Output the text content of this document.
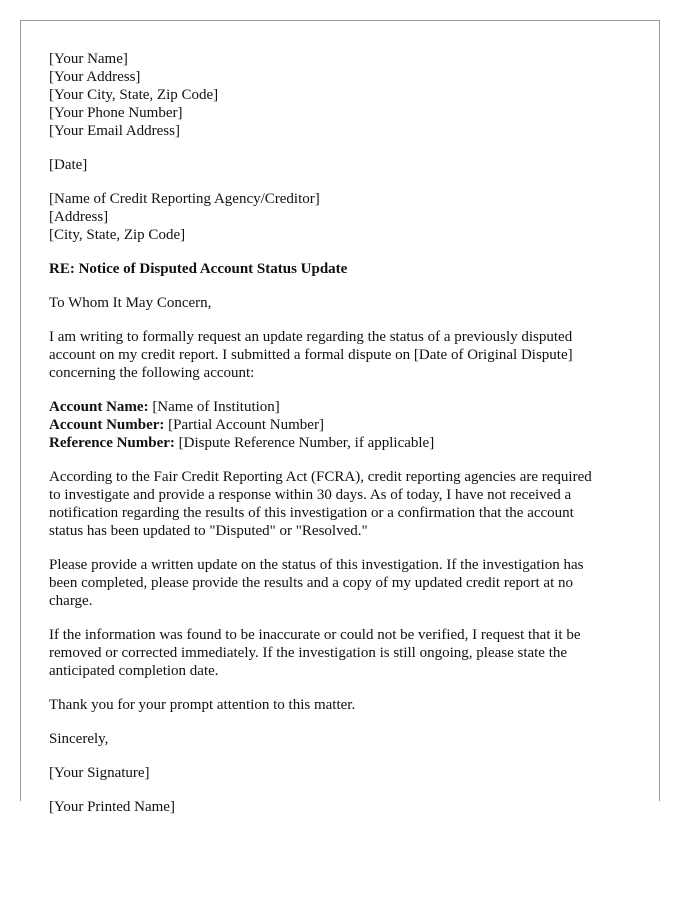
[Your Name]
[Your Address]
[Your City, State, Zip Code]
[Your Phone Number]
[Your Email Address]
[Date]
[Name of Credit Reporting Agency/Creditor]
[Address]
[City, State, Zip Code]
RE: Notice of Disputed Account Status Update
To Whom It May Concern,
I am writing to formally request an update regarding the status of a previously disputed
account on my credit report. I submitted a formal dispute on [Date of Original Dispute]
concerning the following account:
Account Name: [Name of Institution]
Account Number: [Partial Account Number]
Reference Number: [Dispute Reference Number, if applicable]
According to the Fair Credit Reporting Act (FCRA), credit reporting agencies are required
to investigate and provide a response within 30 days. As of today, I have not received a
notification regarding the results of this investigation or a confirmation that the account
status has been updated to "Disputed" or "Resolved."
Please provide a written update on the status of this investigation. If the investigation has
been completed, please provide the results and a copy of my updated credit report at no
charge.
If the information was found to be inaccurate or could not be verified, I request that it be
removed or corrected immediately. If the investigation is still ongoing, please state the
anticipated completion date.
Thank you for your prompt attention to this matter.
Sincerely,
[Your Signature]
[Your Printed Name]
